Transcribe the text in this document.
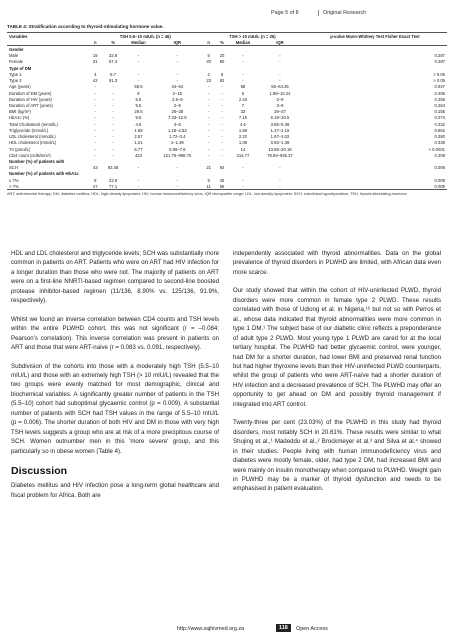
Page 5 of 8	Original Research
TABLE 4: Stratification according to thyroid-stimulating hormone value.
Variables	TSH 5.5–10 mIU/L (n = 46)				TSH > 10 mIU/L (n = 25)				p-value Mann-Whitney Test Fisher Exact Test
	n	%	Median	IQR	n	%	Median	IQR	
Gender									
Male	15	32.6	-	-	5	20	-	-	0.287
Female	31	67.4	-	-	20	80	-	-	0.287
Type of DM									
Type 1	4	8.7	-	-	2	8	-	-	> 0.05
Type 2	42	91.3	-	-	23	92	-	-	> 0.05
Age (years)	-	-	59.5	44–64	-	-	58	55–64.25	0.947
Duration of DM (years)	-	-	8	2–15	-	-	6	1.88–10.24	0.406
Duration of HIV (years)	-	-	5.5	2.5–9	-	-	2.43	3–9	0.256
Duration of ART (years)	-	-	5.5	2–9	-	-	7	3–9	0.264
BMI (kg/m²)	-	-	29.5	25–38	-	-	33	29–37	0.155
HbA1c (%)	-	-	9.5	7.33–12.8	-	-	7.15	6.18–10.5	0.074
Total Cholesterol (mmol/L)	-	-	4.6	4–6	-	-	4.6	3.85–5.38	0.332
Triglyceride (mmol/L)	-	-	1.58	1.18–2.53	-	-	1.69	1.27–2.15	0.852
LDL cholesterol (mmol/L)	-	-	2.57	1.72–3.4	-	-	2.22	1.67–3.02	0.380
HDL cholesterol (mmol/L)	-	-	1.21	1–1.39	-	-	1.08	0.93–1.38	0.339
T4 (pmol/L)	-	-	6.77	5.99–7.6	-	-	14	13.56–20.16	< 0.0001
CD4 count (cells/mm³)	-	-	433	121.75–998.75	-	-	214.77	78.84–946.37	0.209
Number (%) of patients with									
SCH	43	93.48	-	-	21	84	-	-	0.006
Number (%) of patients with HbA1c									
≤ 7%	8	22.9	-	-	9	45	-	-	0.008
> 7%	27	77.1	-	-	11	55	-	-	0.009
ART, antiretroviral therapy; DM, diabetes mellitus; HDL, high-density lipoprotein; HIV, human immunodeficiency virus; IQR interquartile range; LDL, low-density lipoprotein; SCH, subclinical hypothyroidism; TSH, thyroid-stimulating hormone.

HDL and LDL cholesterol and triglyceride levels; SCH was substantially more common in patients on ART. Patients who were on ART had HIV infection for a longer duration than those who were not. The majority of patients on ART were on a first-line NNRTI-based regimen compared to second-line boosted protease inhibitor-based regimen (11/136, 8.90% vs. 125/136, 91.9%, respectively).

Whilst we found an inverse correlation between CD4 counts and TSH levels within the entire PLWHD cohort, this was not significant (r = –0.084; Pearson's correlation). This inverse correlation was present in patients on ART and those that were ART-naive (r = 0.083 vs. 0.091, respectively).

Subdivision of the cohorts into those with a moderately high TSH (5.5–10 mIU/L) and those with an extremely high TSH (> 10 mIU/L) revealed that the two groups were evenly matched for most demographic, clinical and biochemical variables. A significantly greater number of patients in the TSH (5.5–10) cohort had suboptimal glycaemic control (p = 0.009). A substantial number of patients with SCH had TSH values in the range of 5.5–10 mIU/L (p = 0.006). The shorter duration of both HIV and DM in those with very high TSH levels suggests a group who are at risk of a more precipitous course of SCH. Women outnumber men in this 'more severe' group, and this particularly so in obese women (Table 4).

Discussion

Diabetes mellitus and HIV infection pose a long-term global healthcare and fiscal problem for Africa. Both are

independently associated with thyroid abnormalities. Data on the global prevalence of thyroid disorders in PLWHD are limited, with African data even more scarce.

Our study showed that within the cohort of HIV-uninfected PLWD, thyroid disorders were more common in female type 2 PLWD. These results correlated with those of Udiong et al. in Nigeria,¹⁶ but not so with Perros et al., whose data indicated that thyroid abnormalities were more common in type 1 DM.¹ The subject base of our diabetic clinic reflects a preponderance of adult type 2 PLWD. Most young type 1 PLWD are cared for at the local tertiary hospital. The PLWHD had better glycaemic control, were younger, had DM for a shorter duration, had lower BMI and preserved renal function but had higher thyroxine levels than their HIV-uninfected PLWD counterparts, whilst the group of patients who were ART-naïve had a shorter duration of HIV infection and a decreased prevalence of SCH. The PLWHD may offer an opportunity to get ahead on DM and possibly thyroid management if integrated into ART control.

Twenty-three per cent (23.03%) of the PLWHD in this study had thyroid disorders, most notably SCH in 20.61%. These results were similar to what Shujing et al.,¹ Madeddu et al.,² Brockmeyer et al.³ and Silva et al.⁴ showed in their studies. People living with human immunodeficiency virus and diabetes were mostly female, older, had type 2 DM, had increased BMI and were mainly on insulin monotherapy when compared to PLWHD. Weight gain in PLWHD may be a marker of thyroid dysfunction and needs to be emphasised in patient evaluation.

http://www.sajhivmed.org.za	118	Open Access
